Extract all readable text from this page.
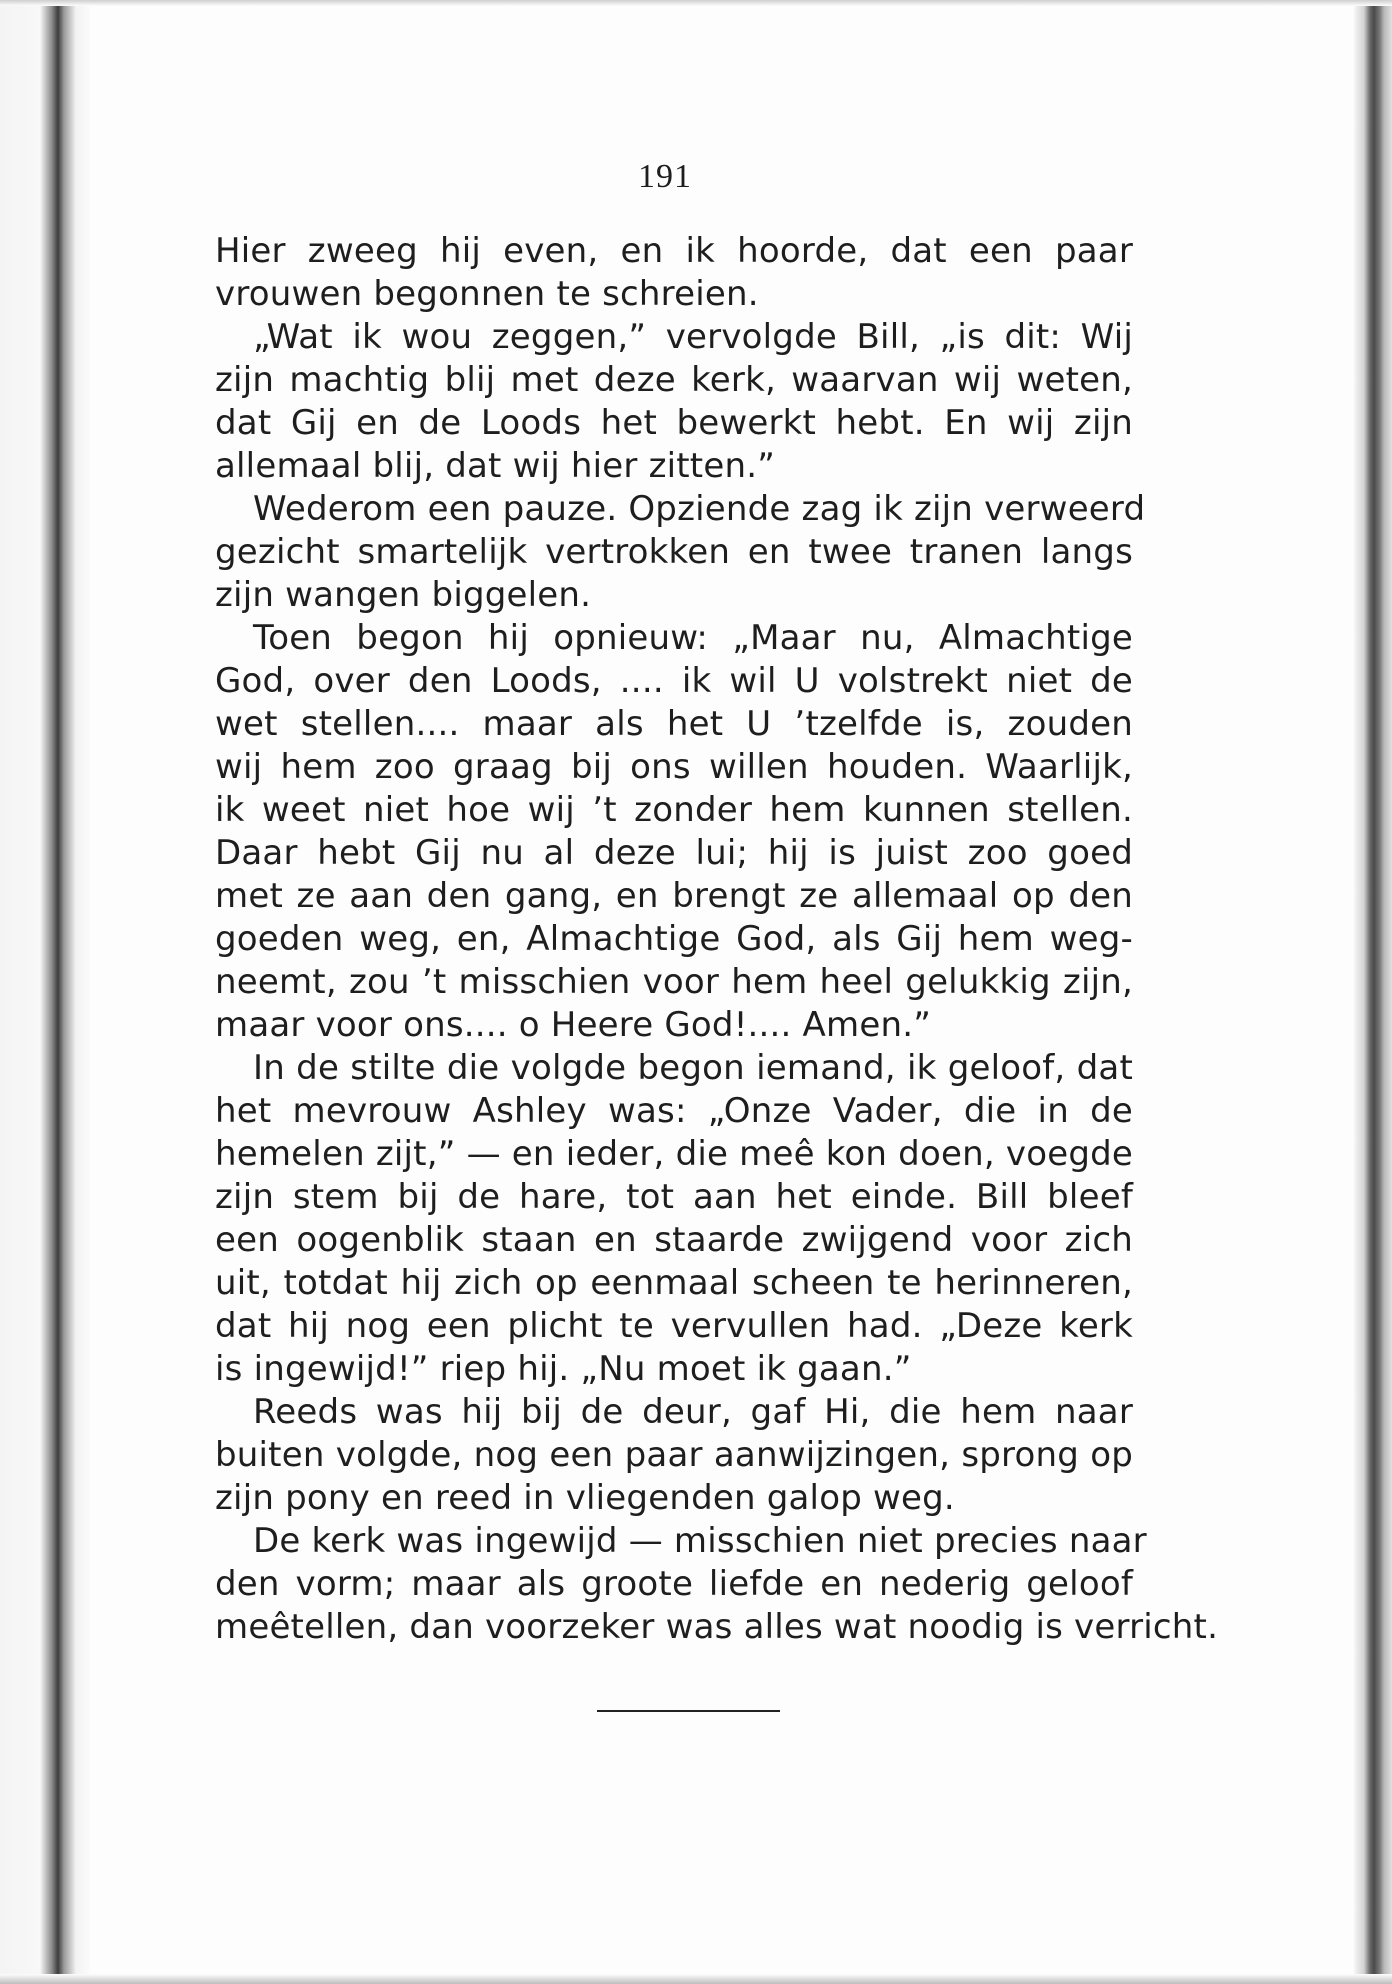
191
Hier zweeg hij even, en ik hoorde, dat een paar
vrouwen begonnen te schreien.
„Wat ik wou zeggen,” vervolgde Bill, „is dit: Wij
zijn machtig blij met deze kerk, waarvan wij weten,
dat Gij en de Loods het bewerkt hebt. En wij zijn
allemaal blij, dat wij hier zitten.”
Wederom een pauze. Opziende zag ik zijn verweerd
gezicht smartelijk vertrokken en twee tranen langs
zijn wangen biggelen.
Toen begon hij opnieuw: „Maar nu, Almachtige
God, over den Loods, .... ik wil U volstrekt niet de
wet stellen.... maar als het U ’tzelfde is, zouden
wij hem zoo graag bij ons willen houden. Waarlijk,
ik weet niet hoe wij ’t zonder hem kunnen stellen.
Daar hebt Gij nu al deze lui; hij is juist zoo goed
met ze aan den gang, en brengt ze allemaal op den
goeden weg, en, Almachtige God, als Gij hem weg-
neemt, zou ’t misschien voor hem heel gelukkig zijn,
maar voor ons.... o Heere God!.... Amen.”
In de stilte die volgde begon iemand, ik geloof, dat
het mevrouw Ashley was: „Onze Vader, die in de
hemelen zijt,” — en ieder, die meê kon doen, voegde
zijn stem bij de hare, tot aan het einde. Bill bleef
een oogenblik staan en staarde zwijgend voor zich
uit, totdat hij zich op eenmaal scheen te herinneren,
dat hij nog een plicht te vervullen had. „Deze kerk
is ingewijd!” riep hij. „Nu moet ik gaan.”
Reeds was hij bij de deur, gaf Hi, die hem naar
buiten volgde, nog een paar aanwijzingen, sprong op
zijn pony en reed in vliegenden galop weg.
De kerk was ingewijd — misschien niet precies naar
den vorm; maar als groote liefde en nederig geloof
meêtellen, dan voorzeker was alles wat noodig is verricht.
